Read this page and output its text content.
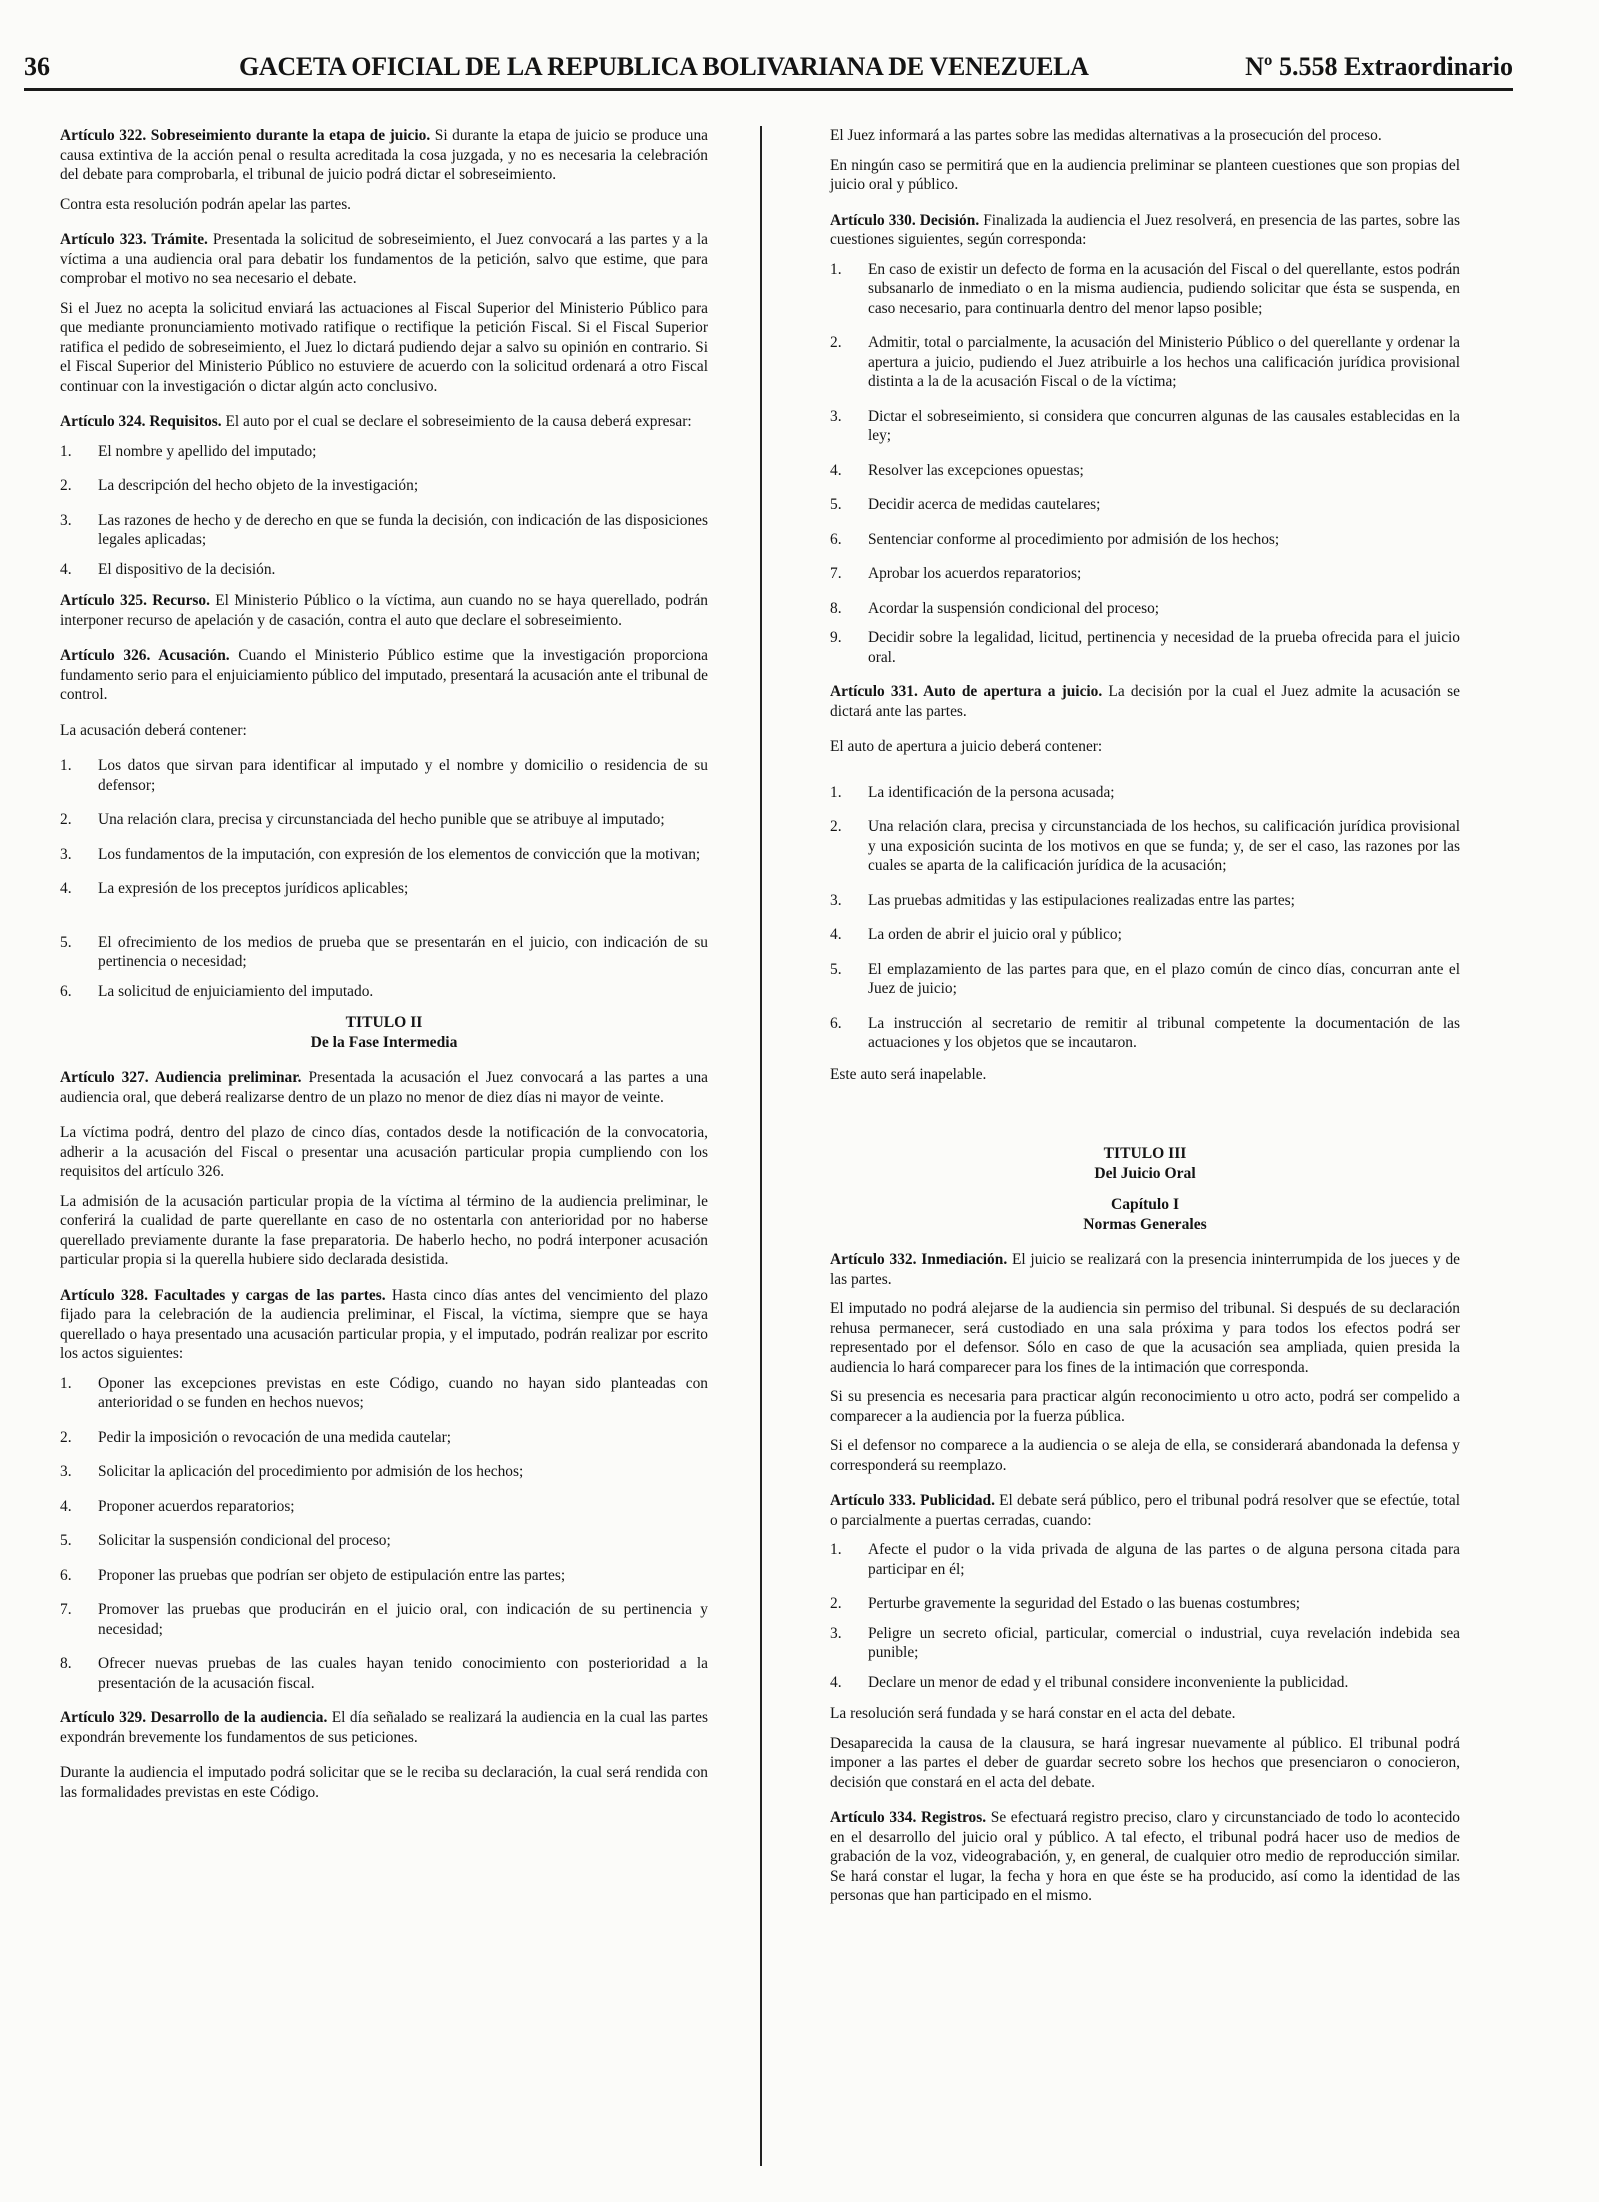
36	GACETA OFICIAL DE LA REPUBLICA BOLIVARIANA DE VENEZUELA	Nº 5.558 Extraordinario

Artículo 322. Sobreseimiento durante la etapa de juicio. Si durante la etapa de juicio se produce una causa extintiva de la acción penal o resulta acreditada la cosa juzgada, y no es necesaria la celebración del debate para comprobarla, el tribunal de juicio podrá dictar el sobreseimiento.

Contra esta resolución podrán apelar las partes.

Artículo 323. Trámite. Presentada la solicitud de sobreseimiento, el Juez convocará a las partes y a la víctima a una audiencia oral para debatir los fundamentos de la petición, salvo que estime, que para comprobar el motivo no sea necesario el debate.

Si el Juez no acepta la solicitud enviará las actuaciones al Fiscal Superior del Ministerio Público para que mediante pronunciamiento motivado ratifique o rectifique la petición Fiscal. Si el Fiscal Superior ratifica el pedido de sobreseimiento, el Juez lo dictará pudiendo dejar a salvo su opinión en contrario. Si el Fiscal Superior del Ministerio Público no estuviere de acuerdo con la solicitud ordenará a otro Fiscal continuar con la investigación o dictar algún acto conclusivo.

Artículo 324. Requisitos. El auto por el cual se declare el sobreseimiento de la causa deberá expresar:

1.	El nombre y apellido del imputado;
2.	La descripción del hecho objeto de la investigación;
3.	Las razones de hecho y de derecho en que se funda la decisión, con indicación de las disposiciones legales aplicadas;
4.	El dispositivo de la decisión.

Artículo 325. Recurso. El Ministerio Público o la víctima, aun cuando no se haya querellado, podrán interponer recurso de apelación y de casación, contra el auto que declare el sobreseimiento.

Artículo 326. Acusación. Cuando el Ministerio Público estime que la investigación proporciona fundamento serio para el enjuiciamiento público del imputado, presentará la acusación ante el tribunal de control.

La acusación deberá contener:

1.	Los datos que sirvan para identificar al imputado y el nombre y domicilio o residencia de su defensor;
2.	Una relación clara, precisa y circunstanciada del hecho punible que se atribuye al imputado;
3.	Los fundamentos de la imputación, con expresión de los elementos de convicción que la motivan;
4.	La expresión de los preceptos jurídicos aplicables;
5.	El ofrecimiento de los medios de prueba que se presentarán en el juicio, con indicación de su pertinencia o necesidad;
6.	La solicitud de enjuiciamiento del imputado.
TITULO II
De la Fase Intermedia

Artículo 327. Audiencia preliminar. Presentada la acusación el Juez convocará a las partes a una audiencia oral, que deberá realizarse dentro de un plazo no menor de diez días ni mayor de veinte.

La víctima podrá, dentro del plazo de cinco días, contados desde la notificación de la convocatoria, adherir a la acusación del Fiscal o presentar una acusación particular propia cumpliendo con los requisitos del artículo 326.

La admisión de la acusación particular propia de la víctima al término de la audiencia preliminar, le conferirá la cualidad de parte querellante en caso de no ostentarla con anterioridad por no haberse querellado previamente durante la fase preparatoria. De haberlo hecho, no podrá interponer acusación particular propia si la querella hubiere sido declarada desistida.

Artículo 328. Facultades y cargas de las partes. Hasta cinco días antes del vencimiento del plazo fijado para la celebración de la audiencia preliminar, el Fiscal, la víctima, siempre que se haya querellado o haya presentado una acusación particular propia, y el imputado, podrán realizar por escrito los actos siguientes:

1.	Oponer las excepciones previstas en este Código, cuando no hayan sido planteadas con anterioridad o se funden en hechos nuevos;
2.	Pedir la imposición o revocación de una medida cautelar;
3.	Solicitar la aplicación del procedimiento por admisión de los hechos;
4.	Proponer acuerdos reparatorios;
5.	Solicitar la suspensión condicional del proceso;
6.	Proponer las pruebas que podrían ser objeto de estipulación entre las partes;
7.	Promover las pruebas que producirán en el juicio oral, con indicación de su pertinencia y necesidad;
8.	Ofrecer nuevas pruebas de las cuales hayan tenido conocimiento con posterioridad a la presentación de la acusación fiscal.

Artículo 329. Desarrollo de la audiencia. El día señalado se realizará la audiencia en la cual las partes expondrán brevemente los fundamentos de sus peticiones.

Durante la audiencia el imputado podrá solicitar que se le reciba su declaración, la cual será rendida con las formalidades previstas en este Código.

El Juez informará a las partes sobre las medidas alternativas a la prosecución del proceso.

En ningún caso se permitirá que en la audiencia preliminar se planteen cuestiones que son propias del juicio oral y público.

Artículo 330. Decisión. Finalizada la audiencia el Juez resolverá, en presencia de las partes, sobre las cuestiones siguientes, según corresponda:

1.	En caso de existir un defecto de forma en la acusación del Fiscal o del querellante, estos podrán subsanarlo de inmediato o en la misma audiencia, pudiendo solicitar que ésta se suspenda, en caso necesario, para continuarla dentro del menor lapso posible;
2.	Admitir, total o parcialmente, la acusación del Ministerio Público o del querellante y ordenar la apertura a juicio, pudiendo el Juez atribuirle a los hechos una calificación jurídica provisional distinta a la de la acusación Fiscal o de la víctima;
3.	Dictar el sobreseimiento, si considera que concurren algunas de las causales establecidas en la ley;
4.	Resolver las excepciones opuestas;
5.	Decidir acerca de medidas cautelares;
6.	Sentenciar conforme al procedimiento por admisión de los hechos;
7.	Aprobar los acuerdos reparatorios;
8.	Acordar la suspensión condicional del proceso;
9.	Decidir sobre la legalidad, licitud, pertinencia y necesidad de la prueba ofrecida para el juicio oral.

Artículo 331. Auto de apertura a juicio. La decisión por la cual el Juez admite la acusación se dictará ante las partes.

El auto de apertura a juicio deberá contener:

1.	La identificación de la persona acusada;
2.	Una relación clara, precisa y circunstanciada de los hechos, su calificación jurídica provisional y una exposición sucinta de los motivos en que se funda; y, de ser el caso, las razones por las cuales se aparta de la calificación jurídica de la acusación;
3.	Las pruebas admitidas y las estipulaciones realizadas entre las partes;
4.	La orden de abrir el juicio oral y público;
5.	El emplazamiento de las partes para que, en el plazo común de cinco días, concurran ante el Juez de juicio;
6.	La instrucción al secretario de remitir al tribunal competente la documentación de las actuaciones y los objetos que se incautaron.

Este auto será inapelable.

TITULO III
Del Juicio Oral
Capítulo I
Normas Generales

Artículo 332. Inmediación. El juicio se realizará con la presencia ininterrumpida de los jueces y de las partes.

El imputado no podrá alejarse de la audiencia sin permiso del tribunal. Si después de su declaración rehusa permanecer, será custodiado en una sala próxima y para todos los efectos podrá ser representado por el defensor. Sólo en caso de que la acusación sea ampliada, quien presida la audiencia lo hará comparecer para los fines de la intimación que corresponda.

Si su presencia es necesaria para practicar algún reconocimiento u otro acto, podrá ser compelido a comparecer a la audiencia por la fuerza pública.

Si el defensor no comparece a la audiencia o se aleja de ella, se considerará abandonada la defensa y corresponderá su reemplazo.

Artículo 333. Publicidad. El debate será público, pero el tribunal podrá resolver que se efectúe, total o parcialmente a puertas cerradas, cuando:

1.	Afecte el pudor o la vida privada de alguna de las partes o de alguna persona citada para participar en él;
2.	Perturbe gravemente la seguridad del Estado o las buenas costumbres;
3.	Peligre un secreto oficial, particular, comercial o industrial, cuya revelación indebida sea punible;
4.	Declare un menor de edad y el tribunal considere inconveniente la publicidad.

La resolución será fundada y se hará constar en el acta del debate.

Desaparecida la causa de la clausura, se hará ingresar nuevamente al público. El tribunal podrá imponer a las partes el deber de guardar secreto sobre los hechos que presenciaron o conocieron, decisión que constará en el acta del debate.

Artículo 334. Registros. Se efectuará registro preciso, claro y circunstanciado de todo lo acontecido en el desarrollo del juicio oral y público. A tal efecto, el tribunal podrá hacer uso de medios de grabación de la voz, videograbación, y, en general, de cualquier otro medio de reproducción similar. Se hará constar el lugar, la fecha y hora en que éste se ha producido, así como la identidad de las personas que han participado en el mismo.
